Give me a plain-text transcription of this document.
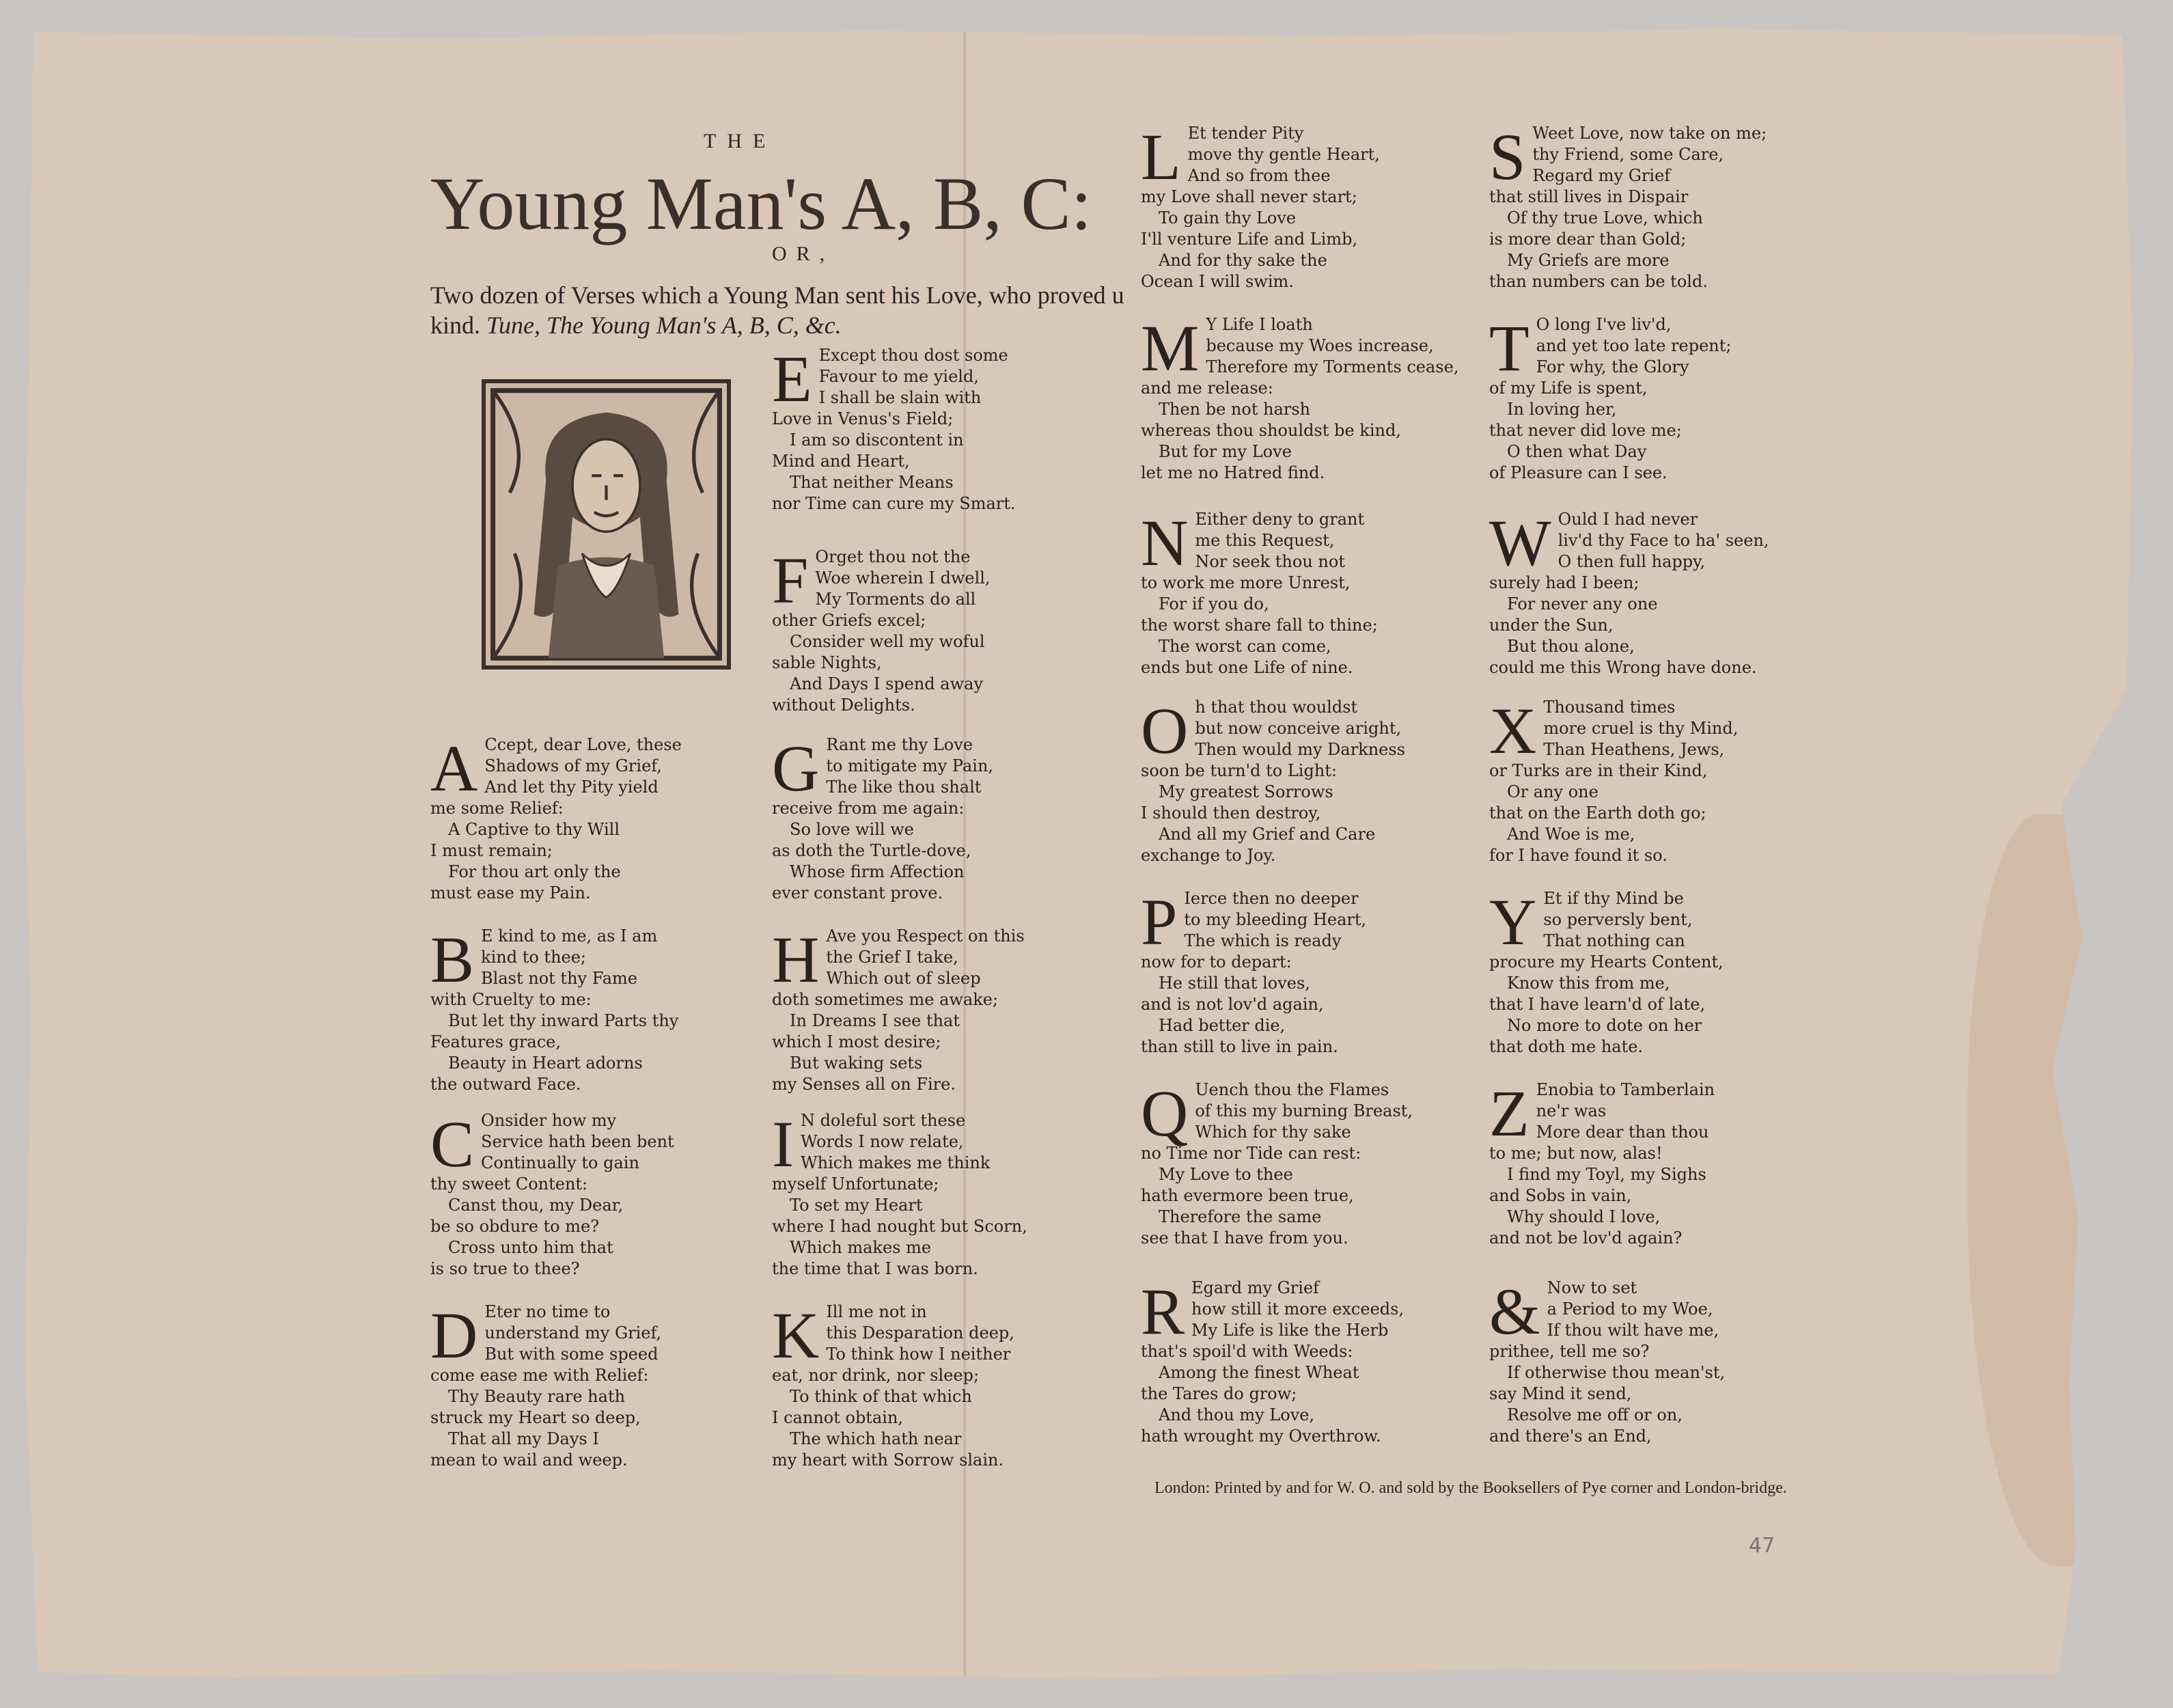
THE
Young Man's A, B, C:
OR,
Two dozen of Verses which a Young Man sent his Love, who proved u kind. Tune, The Young Man's A, B, C, &c.
E Except thou dost some
Favour to me yield,
I shall be slain with
Love in Venus's Field;
I am so discontent in
Mind and Heart,
That neither Means
nor Time can cure my Smart.
F Orget thou not the
Woe wherein I dwell,
My Torments do all
other Griefs excel;
Consider well my woful
sable Nights,
And Days I spend away
without Delights.
A Ccept, dear Love, these
Shadows of my Grief,
And let thy Pity yield
me some Relief:
A Captive to thy Will
I must remain;
For thou art only the
must ease my Pain.
G Rant me thy Love
to mitigate my Pain,
The like thou shalt
receive from me again:
So love will we
as doth the Turtle-dove,
Whose firm Affection
ever constant prove.
B E kind to me, as I am
kind to thee;
Blast not thy Fame
with Cruelty to me:
But let thy inward Parts thy
Features grace,
Beauty in Heart adorns
the outward Face.
H Ave you Respect on this
the Grief I take,
Which out of sleep
doth sometimes me awake;
In Dreams I see that
which I most desire;
But waking sets
my Senses all on Fire.
C Onsider how my
Service hath been bent
Continually to gain
thy sweet Content:
Canst thou, my Dear,
be so obdure to me?
Cross unto him that
is so true to thee?
I N doleful sort these
Words I now relate,
Which makes me think
myself Unfortunate;
To set my Heart
where I had nought but Scorn,
Which makes me
the time that I was born.
D Eter no time to
understand my Grief,
But with some speed
come ease me with Relief:
Thy Beauty rare hath
struck my Heart so deep,
That all my Days I
mean to wail and weep.
K Ill me not in
this Desparation deep,
To think how I neither
eat, nor drink, nor sleep;
To think of that which
I cannot obtain,
The which hath near
my heart with Sorrow slain.
L Et tender Pity
move thy gentle Heart,
And so from thee
my Love shall never start;
To gain thy Love
I'll venture Life and Limb,
And for thy sake the
Ocean I will swim.
S Weet Love, now take on me;
thy Friend, some Care,
Regard my Grief
that still lives in Dispair
Of thy true Love, which
is more dear than Gold;
My Griefs are more
than numbers can be told.
M Y Life I loath
because my Woes increase,
Therefore my Torments cease,
and me release:
Then be not harsh
whereas thou shouldst be kind,
But for my Love
let me no Hatred find.
T O long I've liv'd,
and yet too late repent;
For why, the Glory
of my Life is spent,
In loving her,
that never did love me;
O then what Day
of Pleasure can I see.
N Either deny to grant
me this Request,
Nor seek thou not
to work me more Unrest,
For if you do,
the worst share fall to thine;
The worst can come,
ends but one Life of nine.
W Ould I had never
liv'd thy Face to ha' seen,
O then full happy,
surely had I been;
For never any one
under the Sun,
But thou alone,
could me this Wrong have done.
O h that thou wouldst
but now conceive aright,
Then would my Darkness
soon be turn'd to Light:
My greatest Sorrows
I should then destroy,
And all my Grief and Care
exchange to Joy.
X Thousand times
more cruel is thy Mind,
Than Heathens, Jews,
or Turks are in their Kind,
Or any one
that on the Earth doth go;
And Woe is me,
for I have found it so.
P Ierce then no deeper
to my bleeding Heart,
The which is ready
now for to depart:
He still that loves,
and is not lov'd again,
Had better die,
than still to live in pain.
Y Et if thy Mind be
so perversly bent,
That nothing can
procure my Hearts Content,
Know this from me,
that I have learn'd of late,
No more to dote on her
that doth me hate.
Q Uench thou the Flames
of this my burning Breast,
Which for thy sake
no Time nor Tide can rest:
My Love to thee
hath evermore been true,
Therefore the same
see that I have from you.
Z Enobia to Tamberlain
ne'r was
More dear than thou
to me; but now, alas!
I find my Toyl, my Sighs
and Sobs in vain,
Why should I love,
and not be lov'd again?
R Egard my Grief
how still it more exceeds,
My Life is like the Herb
that's spoil'd with Weeds:
Among the finest Wheat
the Tares do grow;
And thou my Love,
hath wrought my Overthrow.
& Now to set
a Period to my Woe,
If thou wilt have me,
prithee, tell me so?
If otherwise thou mean'st,
say Mind it send,
Resolve me off or on,
and there's an End,
London: Printed by and for W. O. and sold by the Booksellers of Pye corner and London-bridge.
47
